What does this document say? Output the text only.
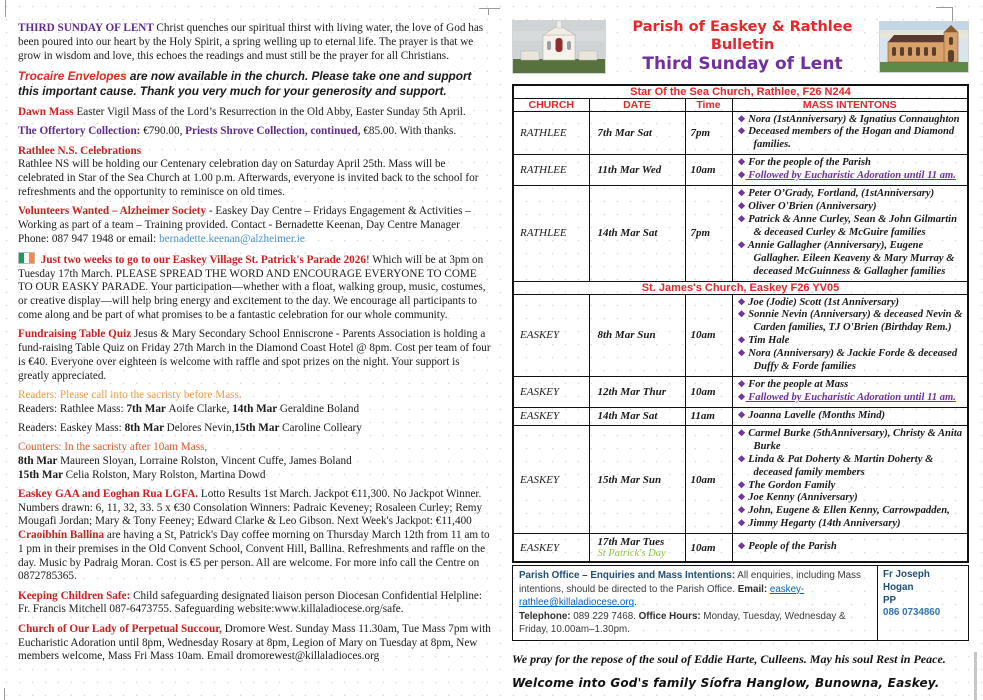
THIRD SUNDAY OF LENT Christ quenches our spiritual thirst with living water, the love of God has been poured into our heart by the Holy Spirit, a spring welling up to eternal life. The prayer is that we grow in wisdom and love, this echoes the readings and must still be the prayer for all Christians.

Trocaire Envelopes are now available in the church. Please take one and support this important cause. Thank you very much for your generosity and support.

Dawn Mass Easter Vigil Mass of the Lord’s Resurrection in the Old Abby, Easter Sunday 5th April.

The Offertory Collection: €790.00, Priests Shrove Collection, continued, €85.00. With thanks.

Rathlee N.S. Celebrations
Rathlee NS will be holding our Centenary celebration day on Saturday April 25th. Mass will be celebrated in Star of the Sea Church at 1.00 p.m. Afterwards, everyone is invited back to the school for refreshments and the opportunity to reminisce on old times.

Volunteers Wanted – Alzheimer Society - Easkey Day Centre – Fridays Engagement & Activities – Working as part of a team – Training provided. Contact - Bernadette Keenan, Day Centre Manager Phone: 087 947 1948 or email: bernadette.keenan@alzheimer.ie

Just two weeks to go to our Easkey Village St. Patrick's Parade 2026! Which will be at 3pm on Tuesday 17th March. PLEASE SPREAD THE WORD AND ENCOURAGE EVERYONE TO COME TO OUR EASKY PARADE. Your participation—whether with a float, walking group, music, costumes, or creative display—will help bring energy and excitement to the day. We encourage all participants to come along and be part of what promises to be a fantastic celebration for our whole community.

Fundraising Table Quiz Jesus & Mary Secondary School Enniscrone - Parents Association is holding a fund-raising Table Quiz on Friday 27th March in the Diamond Coast Hotel @ 8pm. Cost per team of four is €40. Everyone over eighteen is welcome with raffle and spot prizes on the night. Your support is greatly appreciated.

Readers: Please call into the sacristy before Mass.
Readers: Rathlee Mass: 7th Mar Aoife Clarke, 14th Mar Geraldine Boland

Readers: Easkey Mass: 8th Mar Delores Nevin,15th Mar Caroline Colleary

Counters: In the sacristy after 10am Mass,
8th Mar Maureen Sloyan, Lorraine Rolston, Vincent Cuffe, James Boland
15th Mar Celia Rolston, Mary Rolston, Martina Dowd

Easkey GAA and Eoghan Rua LGFA. Lotto Results 1st March. Jackpot €11,300. No Jackpot Winner. Numbers drawn: 6, 11, 32, 33. 5 x €30 Consolation Winners: Padraic Keveney; Rosaleen Curley; Remy Mougafi Jordan; Mary & Tony Feeney; Edward Clarke & Leo Gibson. Next Week's Jackpot: €11,400
Craoibhín Ballina are having a St, Patrick's Day coffee morning on Thursday March 12th from 11 am to 1 pm in their premises in the Old Convent School, Convent Hill, Ballina. Refreshments and raffle on the day. Music by Padraig Moran. Cost is €5 per person. All are welcome. For more info call the Centre on 0872785365.

Keeping Children Safe: Child safeguarding designated liaison person Diocesan Confidential Helpline: Fr. Francis Mitchell 087-6473755. Safeguarding website:www.killaladiocese.org/safe.

Church of Our Lady of Perpetual Succour, Dromore West. Sunday Mass 11.30am, Tue Mass 7pm with Eucharistic Adoration until 8pm, Wednesday Rosary at 8pm, Legion of Mary on Tuesday at 8pm, New members welcome, Mass Fri Mass 10am. Email dromorewest@killaladioces.org

Parish of Easkey & Rathlee Bulletin
Third Sunday of Lent
Star Of the Sea Church, Rathlee, F26 N244			
CHURCH	DATE	Time	MASS INTENTONS
RATHLEE	7th Mar Sat	7pm	❖ Nora (1stAnniversary) & Ignatius Connaughton
❖ Deceased members of the Hogan and Diamond families.

RATHLEE	11th Mar Wed	10am	❖ For the people of the Parish
❖ Followed by Eucharistic Adoration until 11 am.

RATHLEE	14th Mar Sat	7pm	❖ Peter O’Grady, Fortland, (1stAnniversary)
❖ Oliver O'Brien (Anniversary)
❖ Patrick & Anne Curley, Sean & John Gilmartin & deceased Curley & McGuire families
❖ Annie Gallagher (Anniversary), Eugene Gallagher. Eileen Keaveny & Mary Murray & deceased McGuinness & Gallagher families

St. James's Church, Easkey F26 YV05			
EASKEY	8th Mar Sun	10am	❖ Joe (Jodie) Scott (1st Anniversary)
❖ Sonnie Nevin (Anniversary) & deceased Nevin & Carden families, TJ O'Brien (Birthday Rem.)
❖ Tim Hale
❖ Nora (Anniversary) & Jackie Forde & deceased Duffy & Forde families

EASKEY	12th Mar Thur	10am	❖ For the people at Mass
❖ Fallowed by Eucharistic Adoration until 11 am.

EASKEY	14th Mar Sat	11am	❖ Joanna Lavelle (Months Mind)

EASKEY	15th Mar Sun	10am	
❖ Carmel Burke (5thAnniversary), Christy & Anita Burke
❖ Linda & Pat Doherty & Martin Doherty & deceased family members
❖ The Gordon Family
❖ Joe Kenny (Anniversary)
❖ John, Eugene & Ellen Kenny, Carrowpadden,
❖ Jimmy Hegarty (14th Anniversary)

EASKEY	17th Mar Tues
St Patrick's Day	10am	❖ People of the Parish
Parish Office – Enquiries and Mass Intentions: All enquiries, including Mass intentions, should be directed to the Parish Office. Email: easkey-rathlee@killaladiocese.org.
Telephone: 089 229 7468. Office Hours: Monday, Tuesday, Wednesday & Friday, 10.00am–1.30pm.
Fr Joseph Hogan
PP
086 0734860
We pray for the repose of the soul of Eddie Harte, Culleens. May his soul Rest in Peace.
Welcome into God's family Síofra Hanglow, Bunowna, Easkey.
